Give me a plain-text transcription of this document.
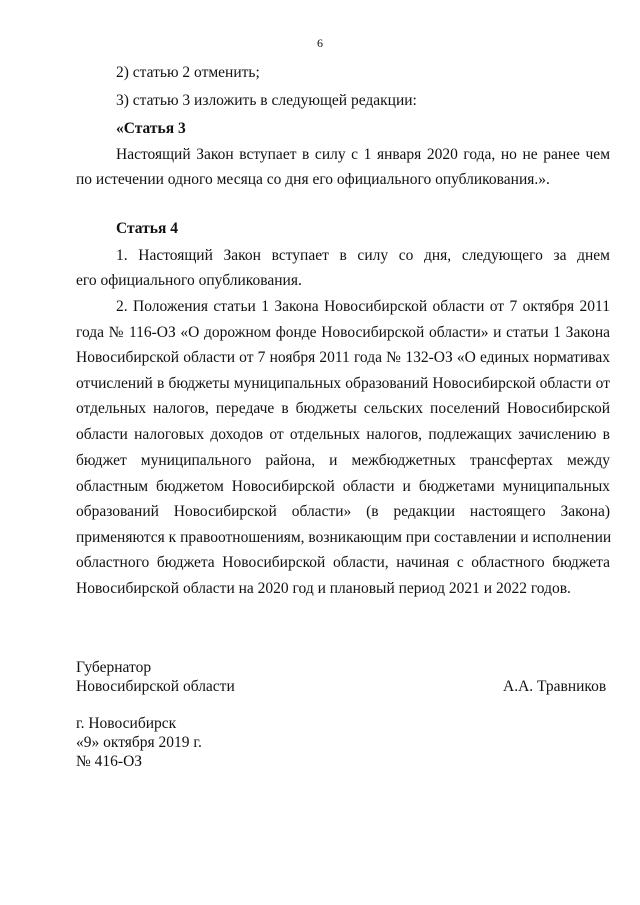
6
2) статью 2 отменить;
3) статью 3 изложить в следующей редакции:
«Статья 3
Настоящий Закон вступает в силу с 1 января 2020 года, но не ранее чем
по истечении одного месяца со дня его официального опубликования.».
Статья 4
1. Настоящий Закон вступает в силу со дня, следующего за днем
его официального опубликования.
2. Положения статьи 1 Закона Новосибирской области от 7 октября 2011
года № 116-ОЗ «О дорожном фонде Новосибирской области» и статьи 1 Закона
Новосибирской области от 7 ноября 2011 года № 132-ОЗ «О единых нормативах
отчислений в бюджеты муниципальных образований Новосибирской области от
отдельных налогов, передаче в бюджеты сельских поселений Новосибирской
области налоговых доходов от отдельных налогов, подлежащих зачислению в
бюджет муниципального района, и межбюджетных трансфертах между
областным бюджетом Новосибирской области и бюджетами муниципальных
образований Новосибирской области» (в редакции настоящего Закона)
применяются к правоотношениям, возникающим при составлении и исполнении
областного бюджета Новосибирской области, начиная с областного бюджета
Новосибирской области на 2020 год и плановый период 2021 и 2022 годов.
Губернатор
Новосибирской области	А.А. Травников
г. Новосибирск
«9» октября 2019 г.
№ 416-ОЗ
